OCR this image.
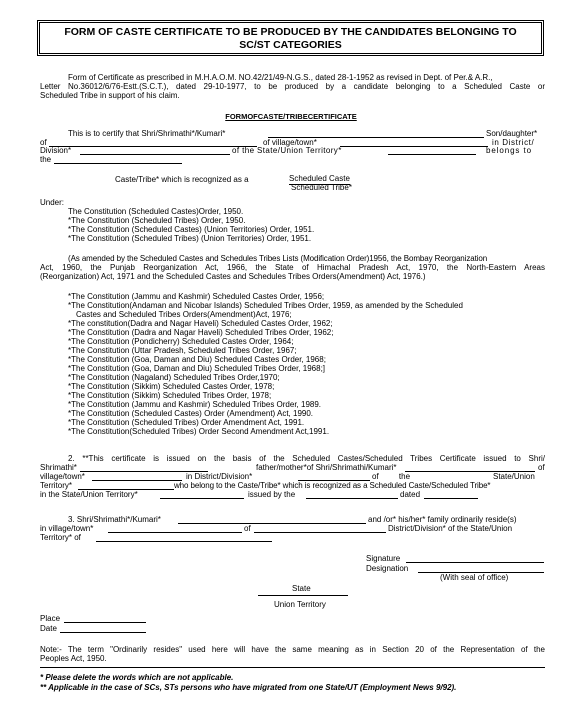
FORM OF CASTE CERTIFICATE TO BE PRODUCED BY THE CANDIDATES BELONGING TO
SC/ST CATEGORIES
Form of Certificate as prescribed in M.H.A.O.M. NO.42/21/49-N.G.S., dated 28-1-1952 as revised in Dept. of Per.& A.R.,
Letter No.36012/6/76-Estt.(S.C.T.), dated 29-10-1977, to be produced by a candidate belonging to a Scheduled Caste or
Scheduled Tribe in support of his claim.
FORMOFCASTE/TRIBECERTIFICATE
This is to certify that Shri/Shrimathi*/Kumari*	Son/daughter*
of	of village/town*	in District/
Division*	of the State/Union Territory*	belongs to
the
Caste/Tribe* which is recognized as a	Scheduled Caste
Scheduled Tribe*
Under:
The Constitution (Scheduled Castes)Order, 1950.
*The Constitution (Scheduled Tribes) Order, 1950.
*The Constitution (Scheduled Castes) (Union Territories) Order, 1951.
*The Constitution (Scheduled Tribes) (Union Territories) Order, 1951.
(As amended by the Scheduled Castes and Schedules Tribes Lists (Modification Order)1956, the Bombay Reorganization
Act, 1960, the Punjab Reorganization Act, 1966, the State of Himachal Pradesh Act, 1970, the North-Eastern Areas
(Reorganization) Act, 1971 and the Scheduled Castes and Schedules Tribes Orders(Amendment) Act, 1976.)
*The Constitution (Jammu and Kashmir) Scheduled Castes Order, 1956;
*The Constitution(Andaman and Nicobar Islands) Scheduled Tribes Order, 1959, as amended by the Scheduled
Castes and Scheduled Tribes Orders(Amendment)Act, 1976;
*The constitution(Dadra and Nagar Haveli) Scheduled Castes Order, 1962;
*The Constitution (Dadra and Nagar Haveli) Scheduled Tribes Order, 1962;
*The Constitution (Pondicherry) Scheduled Castes Order, 1964;
*The Constitution (Uttar Pradesh, Scheduled Tribes Order, 1967;
*The Constitution (Goa, Daman and Diu) Scheduled Castes Order, 1968;
*The Constitution (Goa, Daman and Diu) Scheduled Tribes Order, 1968;]
*The Constitution (Nagaland) Scheduled Tribes Order,1970;
*The Constitution (Sikkim) Scheduled Castes Order, 1978;
*The Constitution (Sikkim) Scheduled Tribes Order, 1978;
*The Constitution (Jammu and Kashmir) Scheduled Tribes Order, 1989.
*The Constitution (Scheduled Castes) Order (Amendment) Act, 1990.
*The Constitution (Scheduled Tribes) Order Amendment Act, 1991.
*The Constitution(Scheduled Tribes) Order Second Amendment Act,1991.
2. **This certificate is issued on the basis of the Scheduled Castes/Scheduled Tribes Certificate issued to Shri/
Shrimathi*	father/mother*of Shri/Shrimathi/Kumari*	of
village/town*	in District/Division*	of the	State/Union
Territory*	who belong to the Caste/Tribe* which is recognized as a Scheduled Caste/Scheduled Tribe*
in the State/Union Territory*	issued by the	dated
3. Shri/Shrimathi*/Kumari*	and /or* his/her* family ordinarily reside(s)
in village/town*	of	District/Division* of the State/Union
Territory* of
Signature
Designation
(With seal of office)
State
Union Territory
Place
Date
Note:- The term "Ordinarily resides" used here will have the same meaning as in Section 20 of the Representation of the
Peoples Act, 1950.
* Please delete the words which are not applicable.
** Applicable in the case of SCs, STs persons who have migrated from one State/UT (Employment News 9/92).
